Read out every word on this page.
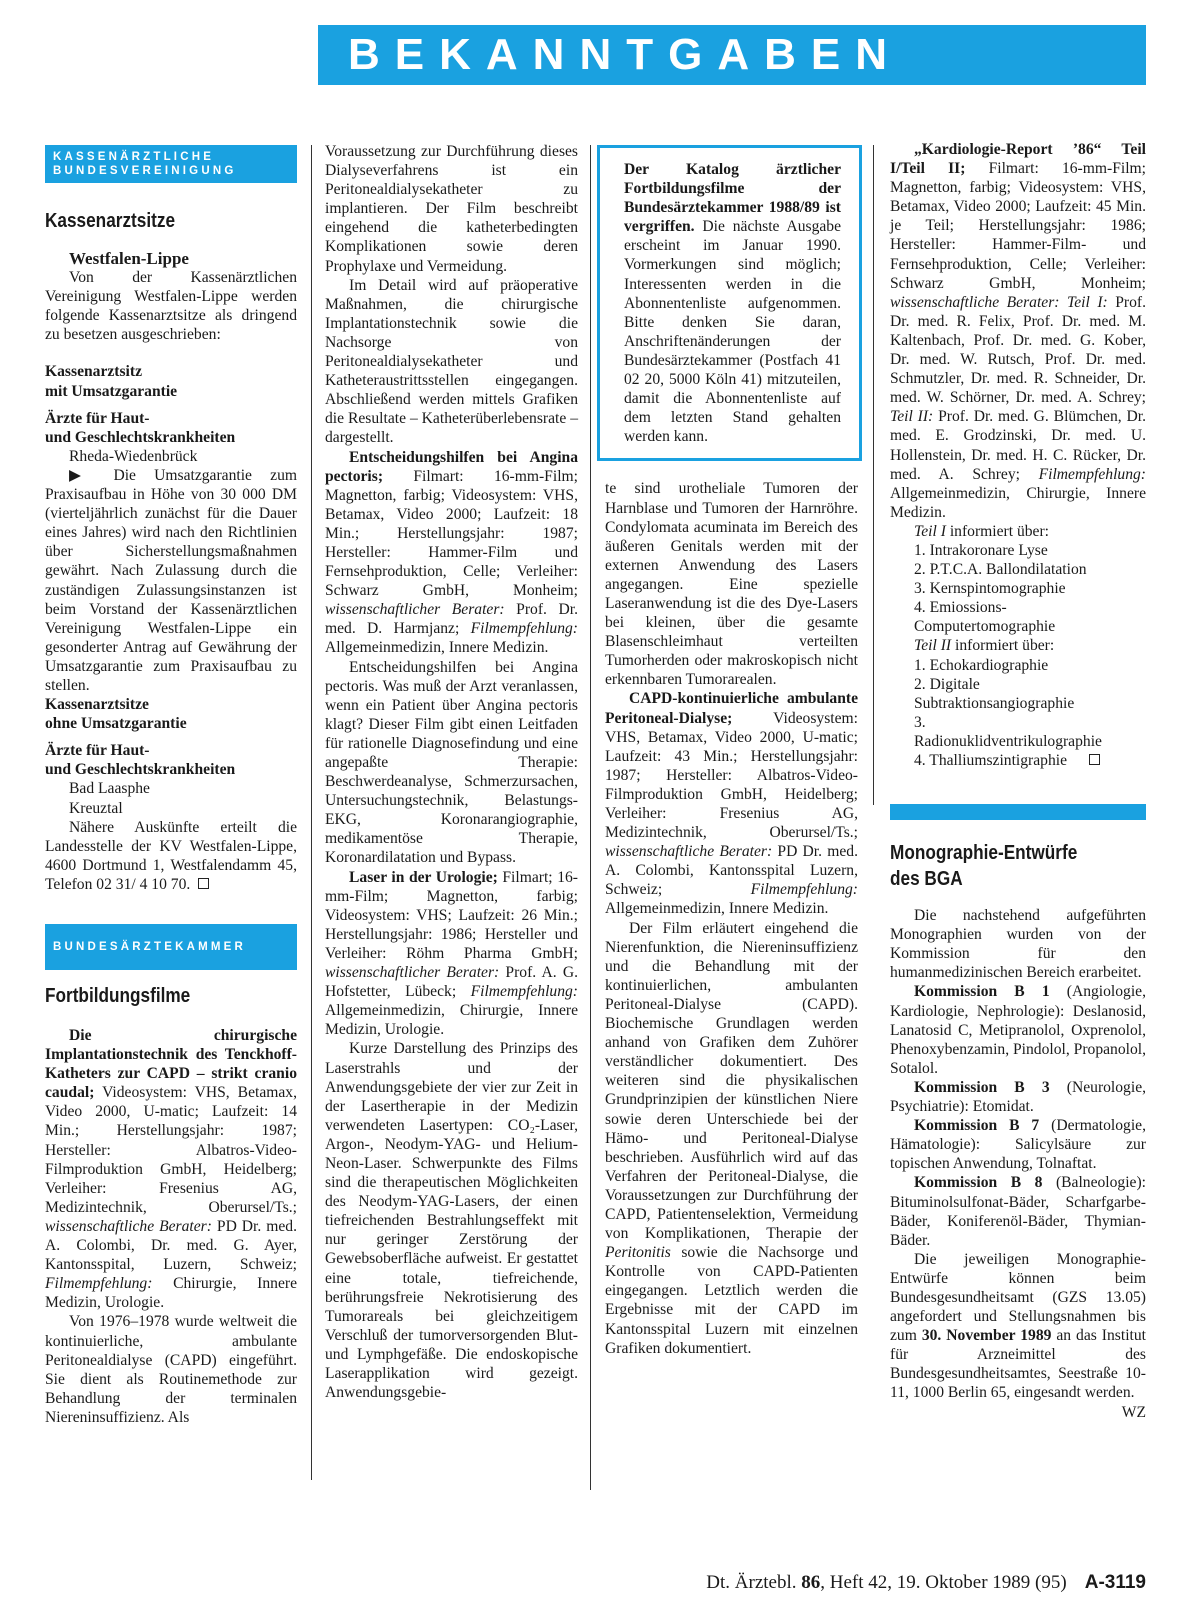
BEKANNTGABEN
KASSENÄRZTLICHE
BUNDESVEREINIGUNG
Kassenarztsitze

Westfalen-Lippe

Von der Kassenärztlichen Vereinigung Westfalen-Lippe werden folgende Kassenarztsitze als dringend zu besetzen ausgeschrieben:

Kassenarztsitz

mit Umsatzgarantie

Ärzte für Haut-

und Geschlechtskrankheiten

Rheda-Wiedenbrück

▶ Die Umsatzgarantie zum Praxisaufbau in Höhe von 30 000 DM (vierteljährlich zunächst für die Dauer eines Jahres) wird nach den Richtlinien über Sicherstellungsmaßnahmen gewährt. Nach Zulassung durch die zuständigen Zulassungsinstanzen ist beim Vorstand der Kassenärztlichen Vereinigung Westfalen-Lippe ein gesonderter Antrag auf Gewährung der Umsatzgarantie zum Praxisaufbau zu stellen.

Kassenarztsitze

ohne Umsatzgarantie

Ärzte für Haut-

und Geschlechtskrankheiten

Bad Laasphe

Kreuztal

Nähere Auskünfte erteilt die Landesstelle der KV Westfalen-Lippe, 4600 Dortmund 1, Westfalendamm 45, Telefon 02 31/ 4 10 70.

BUNDESÄRZTEKAMMER
Fortbildungsfilme

Die chirurgische Implantationstechnik des Tenckhoff-Katheters zur CAPD – strikt cranio caudal; Videosystem: VHS, Betamax, Video 2000, U-matic; Laufzeit: 14 Min.; Herstellungsjahr: 1987; Hersteller: Albatros-Video-Filmproduktion GmbH, Heidelberg; Verleiher: Fresenius AG, Medizintechnik, Oberursel/Ts.; wissenschaftliche Berater: PD Dr. med. A. Colombi, Dr. med. G. Ayer, Kantonsspital, Luzern, Schweiz; Filmempfehlung: Chirurgie, Innere Medizin, Urologie.

Von 1976–1978 wurde weltweit die kontinuierliche, ambulante Peritonealdialyse (CAPD) eingeführt. Sie dient als Routinemethode zur Behandlung der terminalen Niereninsuffizienz. Als

Voraussetzung zur Durchführung dieses Dialyseverfahrens ist ein Peritonealdialysekatheter zu implantieren. Der Film beschreibt eingehend die katheterbedingten Komplikationen sowie deren Prophylaxe und Vermeidung.

Im Detail wird auf präoperative Maßnahmen, die chirurgische Implantationstechnik sowie die Nachsorge von Peritonealdialysekatheter und Katheteraustrittsstellen eingegangen. Abschließend werden mittels Grafiken die Resultate – Katheterüberlebensrate – dargestellt.

Entscheidungshilfen bei Angina pectoris; Filmart: 16-mm-Film; Magnetton, farbig; Videosystem: VHS, Betamax, Video 2000; Laufzeit: 18 Min.; Herstellungsjahr: 1987; Hersteller: Hammer-Film und Fernsehproduktion, Celle; Verleiher: Schwarz GmbH, Monheim; wissenschaftlicher Berater: Prof. Dr. med. D. Harmjanz; Filmempfehlung: Allgemeinmedizin, Innere Medizin.

Entscheidungshilfen bei Angina pectoris. Was muß der Arzt veranlassen, wenn ein Patient über Angina pectoris klagt? Dieser Film gibt einen Leitfaden für rationelle Diagnosefindung und eine angepaßte Therapie: Beschwerdeanalyse, Schmerzursachen, Untersuchungstechnik, Belastungs-EKG, Koronarangiographie, medikamentöse Therapie, Koronardilatation und Bypass.

Laser in der Urologie; Filmart; 16-mm-Film; Magnetton, farbig; Videosystem: VHS; Laufzeit: 26 Min.; Herstellungsjahr: 1986; Hersteller und Verleiher: Röhm Pharma GmbH; wissenschaftlicher Berater: Prof. A. G. Hofstetter, Lübeck; Filmempfehlung: Allgemeinmedizin, Chirurgie, Innere Medizin, Urologie.

Kurze Darstellung des Prinzips des Laserstrahls und der Anwendungsgebiete der vier zur Zeit in der Lasertherapie in der Medizin verwendeten Lasertypen: CO₂-Laser, Argon-, Neodym-YAG- und Helium-Neon-Laser. Schwerpunkte des Films sind die therapeutischen Möglichkeiten des Neodym-YAG-Lasers, der einen tiefreichenden Bestrahlungseffekt mit nur geringer Zerstörung der Gewebsoberfläche aufweist. Er gestattet eine totale, tiefreichende, berührungsfreie Nekrotisierung des Tumorareals bei gleichzeitigem Verschluß der tumorversorgenden Blut- und Lymphgefäße. Die endoskopische Laserapplikation wird gezeigt. Anwendungsgebie-

Der Katalog ärztlicher Fortbildungsfilme der Bundesärztekammer 1988/89 ist vergriffen. Die nächste Ausgabe erscheint im Januar 1990. Vormerkungen sind möglich; Interessenten werden in die Abonnentenliste aufgenommen. Bitte denken Sie daran, Anschriftenänderungen der Bundesärztekammer (Postfach 41 02 20, 5000 Köln 41) mitzuteilen, damit die Abonnentenliste auf dem letzten Stand gehalten werden kann.

te sind urotheliale Tumoren der Harnblase und Tumoren der Harnröhre. Condylomata acuminata im Bereich des äußeren Genitals werden mit der externen Anwendung des Lasers angegangen. Eine spezielle Laseranwendung ist die des Dye-Lasers bei kleinen, über die gesamte Blasenschleimhaut verteilten Tumorherden oder makroskopisch nicht erkennbaren Tumorarealen.

CAPD-kontinuierliche ambulante Peritoneal-Dialyse; Videosystem: VHS, Betamax, Video 2000, U-matic; Laufzeit: 43 Min.; Herstellungsjahr: 1987; Hersteller: Albatros-Video-Filmproduktion GmbH, Heidelberg; Verleiher: Fresenius AG, Medizintechnik, Oberursel/Ts.; wissenschaftliche Berater: PD Dr. med. A. Colombi, Kantonsspital Luzern, Schweiz; Filmempfehlung: Allgemeinmedizin, Innere Medizin.

Der Film erläutert eingehend die Nierenfunktion, die Niereninsuffizienz und die Behandlung mit der kontinuierlichen, ambulanten Peritoneal-Dialyse (CAPD). Biochemische Grundlagen werden anhand von Grafiken dem Zuhörer verständlicher dokumentiert. Des weiteren sind die physikalischen Grundprinzipien der künstlichen Niere sowie deren Unterschiede bei der Hämo- und Peritoneal-Dialyse beschrieben. Ausführlich wird auf das Verfahren der Peritoneal-Dialyse, die Voraussetzungen zur Durchführung der CAPD, Patientenselektion, Vermeidung von Komplikationen, Therapie der Peritonitis sowie die Nachsorge und Kontrolle von CAPD-Patienten eingegangen. Letztlich werden die Ergebnisse mit der CAPD im Kantonsspital Luzern mit einzelnen Grafiken dokumentiert.

„Kardiologie-Report ’86“ Teil I/Teil II; Filmart: 16-mm-Film; Magnetton, farbig; Videosystem: VHS, Betamax, Video 2000; Laufzeit: 45 Min. je Teil; Herstellungsjahr: 1986; Hersteller: Hammer-Film- und Fernsehproduktion, Celle; Verleiher: Schwarz GmbH, Monheim; wissenschaftliche Berater: Teil I: Prof. Dr. med. R. Felix, Prof. Dr. med. M. Kaltenbach, Prof. Dr. med. G. Kober, Dr. med. W. Rutsch, Prof. Dr. med. Schmutzler, Dr. med. R. Schneider, Dr. med. W. Schörner, Dr. med. A. Schrey; Teil II: Prof. Dr. med. G. Blümchen, Dr. med. E. Grodzinski, Dr. med. U. Hollenstein, Dr. med. H. C. Rücker, Dr. med. A. Schrey; Filmempfehlung: Allgemeinmedizin, Chirurgie, Innere Medizin.

Teil I informiert über:
1. Intrakoronare Lyse
2. P.T.C.A. Ballondilatation
3. Kernspintomographie
4. Emiossions-Computertomographie
Teil II informiert über:
1. Echokardiographie
2. Digitale Subtraktionsangiographie
3. Radionuklidventrikulographie
4. Thalliumszintigraphie
Monographie-Entwürfe
des BGA

Die nachstehend aufgeführten Monographien wurden von der Kommission für den humanmedizinischen Bereich erarbeitet.

Kommission B 1 (Angiologie, Kardiologie, Nephrologie): Deslanosid, Lanatosid C, Metipranolol, Oxprenolol, Phenoxybenzamin, Pindolol, Propanolol, Sotalol.

Kommission B 3 (Neurologie, Psychiatrie): Etomidat.

Kommission B 7 (Dermatologie, Hämatologie): Salicylsäure zur topischen Anwendung, Tolnaftat.

Kommission B 8 (Balneologie): Bituminolsulfonat-Bäder, Scharfgarbe-Bäder, Koniferenöl-Bäder, Thymian-Bäder.

Die jeweiligen Monographie-Entwürfe können beim Bundesgesundheitsamt (GZS 13.05) angefordert und Stellungsnahmen bis zum 30. November 1989 an das Institut für Arzneimittel des Bundesgesundheitsamtes, Seestraße 10-11, 1000 Berlin 65, eingesandt werden.
WZ

Dt. Ärztebl. 86, Heft 42, 19. Oktober 1989 (95) A-3119
